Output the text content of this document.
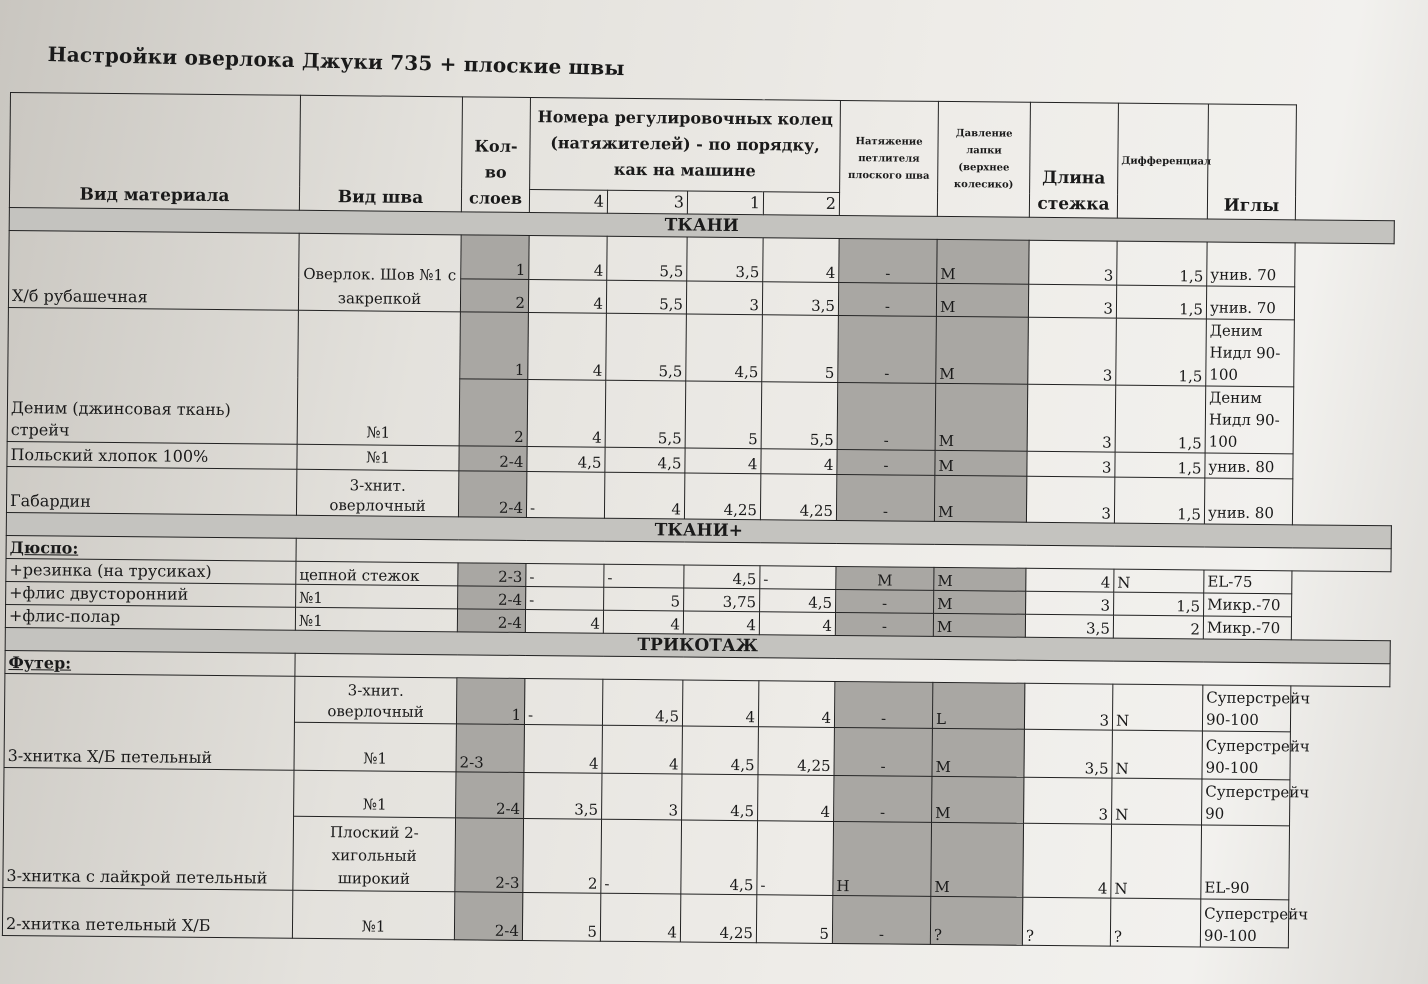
Настройки оверлока Джуки 735 + плоские швы
Вид материала	Вид шва	Кол-во слоев	Номера регулировочных колец (натяжителей) - по порядку, как на машине				Натяжение петлителя плоского шва	Давление лапки (верхнее колесико)	Длина стежка	Дифференциал	Иглы
			4	3	1	2					
ТКАНИ											
Х/б рубашечная	Оверлок. Шов №1 с закрепкой	1	4	5,5	3,5	4	-	M	3	1,5	унив. 70
		2	4	5,5	3	3,5	-	M	3	1,5	унив. 70
Деним (джинсовая ткань) стрейч	№1	1	4	5,5	4,5	5	-	M	3	1,5	Деним Нидл 90-100
		2	4	5,5	5	5,5	-	M	3	1,5	Деним Нидл 90-100
Польский хлопок 100%	№1	2-4	4,5	4,5	4	4	-	M	3	1,5	унив. 80
Габардин	3-хнит. оверлочный	2-4	-	4	4,25	4,25	-	M	3	1,5	унив. 80
ТКАНИ+											
Дюспо:											
+резинка (на трусиках)	цепной стежок	2-3	-	-	4,5	-	M	M	4	N	EL-75
+флис двусторонний	№1	2-4	-	5	3,75	4,5	-	M	3	1,5	Микр.-70
+флис-полар	№1	2-4	4	4	4	4	-	M	3,5	2	Микр.-70
ТРИКОТАЖ											
Футер:											
3-хнитка Х/Б петельный	3-хнит. оверлочный	1	-	4,5	4	4	-	L	3	N	Суперстрейч 90-100
	№1	2-3	4	4	4,5	4,25	-	M	3,5	N	Суперстрейч 90-100
3-хнитка с лайкрой петельный	№1	2-4	3,5	3	4,5	4	-	M	3	N	Суперстрейч 90
	Плоский 2-хигольный широкий	2-3	2	-	4,5	-	H	M	4	N	EL-90
2-хнитка петельный Х/Б	№1	2-4	5	4	4,25	5	-	?	?	?	Суперстрейч 90-100
